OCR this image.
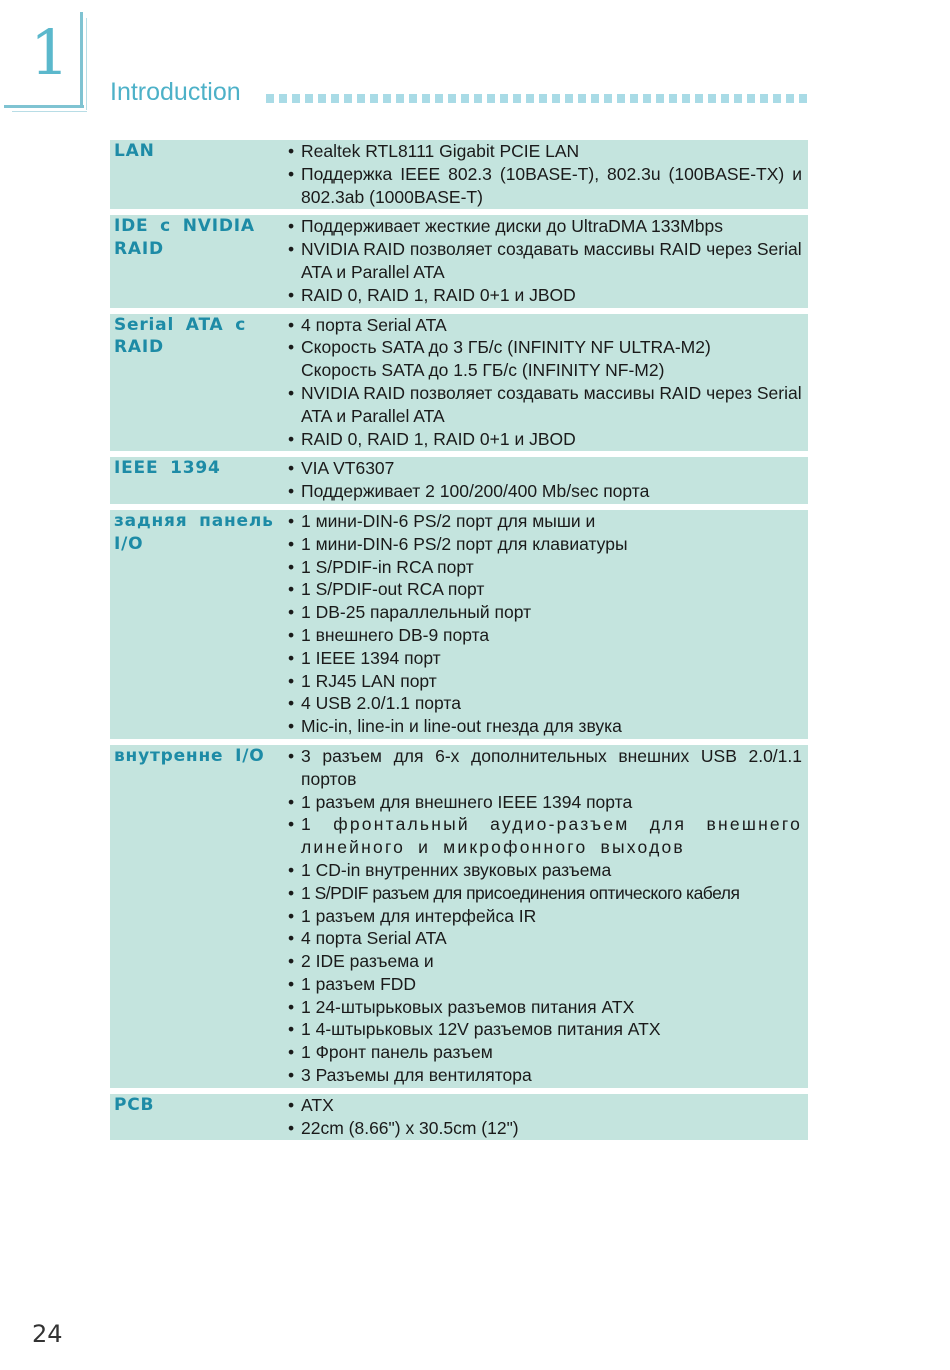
1
Introduction
LAN	• Realtek RTL8111 Gigabit PCIE LAN
• Поддержка IEEE 802.3 (10BASE-T), 802.3u (100BASE-TX) и 802.3ab (1000BASE-T)
IDE с NVIDIA RAID
• Поддерживает жесткие диски до UltraDMA 133Mbps
• NVIDIA RAID позволяет создавать массивы RAID через Serial ATA и Parallel ATA
• RAID 0, RAID 1, RAID 0+1 и JBOD
Serial ATA с RAID
• 4 порта Serial ATA
• Скорость SATA до 3 ГБ/с (INFINITY NF ULTRA-M2)
Скорость SATA до 1.5 ГБ/с (INFINITY NF-M2)
• NVIDIA RAID позволяет создавать массивы RAID через Serial ATA и Parallel ATA
• RAID 0, RAID 1, RAID 0+1 и JBOD
IEEE 1394	• VIA VT6307
• Поддерживает 2 100/200/400 Mb/sec порта
задняя панель I/O
• 1 мини-DIN-6 PS/2 порт для мыши и
• 1 мини-DIN-6 PS/2 порт для клавиатуры
• 1 S/PDIF-in RCA порт
• 1 S/PDIF-out RCA порт
• 1 DB-25 параллельный порт
• 1 внешнего DB-9 порта
• 1 IEEE 1394 порт
• 1 RJ45 LAN порт
• 4 USB 2.0/1.1 порта
• Mic-in, line-in и line-out гнезда для звука
внутренне I/O	• 3 разъем для 6-х дополнительных внешних USB 2.0/1.1 портов
• 1 разъем для внешнего IEEE 1394 порта
• 1 фронтальный аудио-разъем для внешнего линейного и микрофонного выходов
• 1 CD-in внутренних звуковых разъема
• 1 S/PDIF разъем для присоединения оптического кабеля
• 1 разъем для интерфейса IR
• 4 порта Serial ATA
• 2 IDE разъема и
• 1 разъем FDD
• 1 24-штырьковых разъемов питания ATX
• 1 4-штырьковых 12V разъемов питания ATX
• 1 Фронт панель разъем
• 3 Разъемы для вентилятора
PCB	• ATX
• 22cm (8.66") x 30.5cm (12")
24
